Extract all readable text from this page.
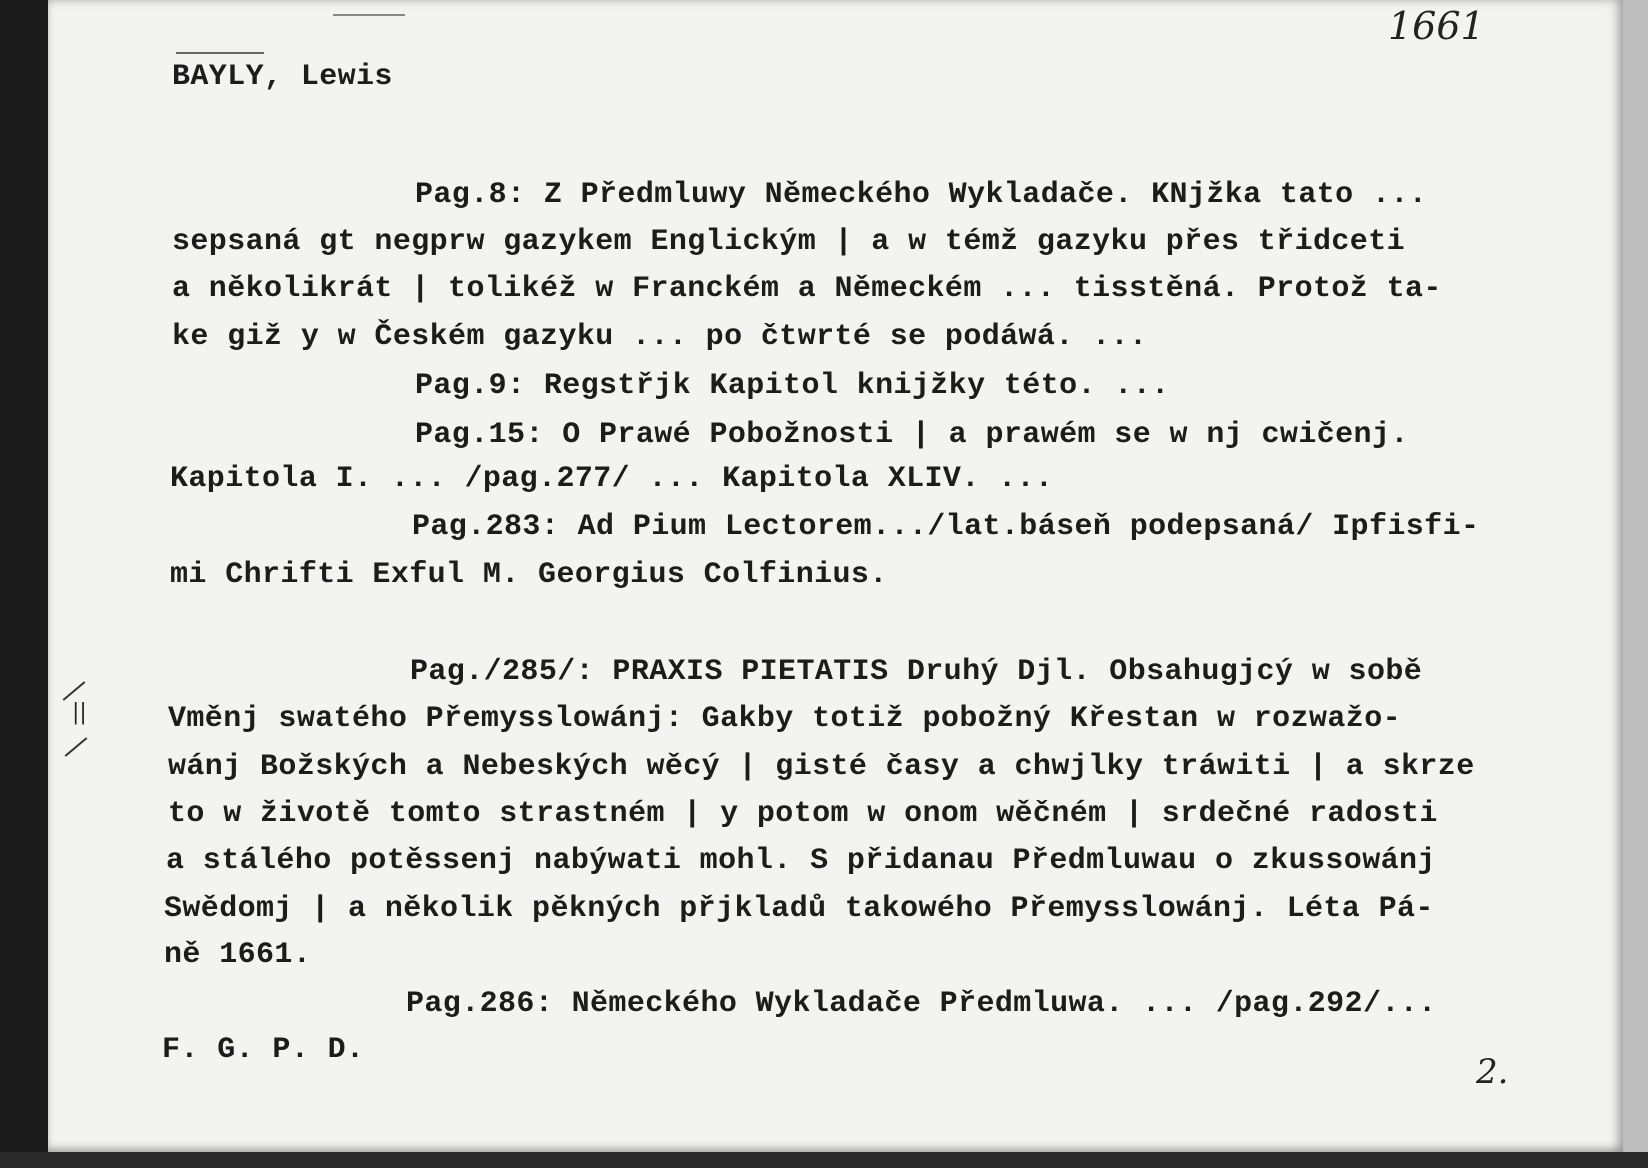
1661
BAYLY, Lewis
Pag.8: Z Předmluwy Německého Wykladače. KNjžka tato ...
sepsaná gt negprw gazykem Englickým | a w témž gazyku přes třidceti
a několikrát | tolikéž w Franckém a Německém ... tisstěná. Protož ta-
ke giž y w Českém gazyku ... po čtwrté se podáwá. ...
Pag.9: Regstřjk Kapitol knijžky této. ...
Pag.15: O Prawé Pobožnosti | a prawém se w nj cwičenj.
Kapitola I. ... /pag.277/ ... Kapitola XLIV. ...
Pag.283: Ad Pium Lectorem.../lat.báseň podepsaná/ Ipfisfi-
mi Chrifti Exful M. Georgius Colfinius.
Pag./285/: PRAXIS PIETATIS Druhý Djl. Obsahugjcý w sobě
Vměnj swatého Přemysslowánj: Gakby totiž pobožný Křestan w rozwažo-
wánj Božských a Nebeských wěcý | gisté časy a chwjlky tráwiti | a skrze
to w životě tomto strastném | y potom w onom wěčném | srdečné radosti
a stálého potěssenj nabýwati mohl. S přidanau Předmluwau o zkussowánj
Swědomj | a několik pěkných přjkladů takowého Přemysslowánj. Léta Pá-
ně 1661.
Pag.286: Německého Wykladače Předmluwa. ... /pag.292/...
F. G. P. D.
||
2.
